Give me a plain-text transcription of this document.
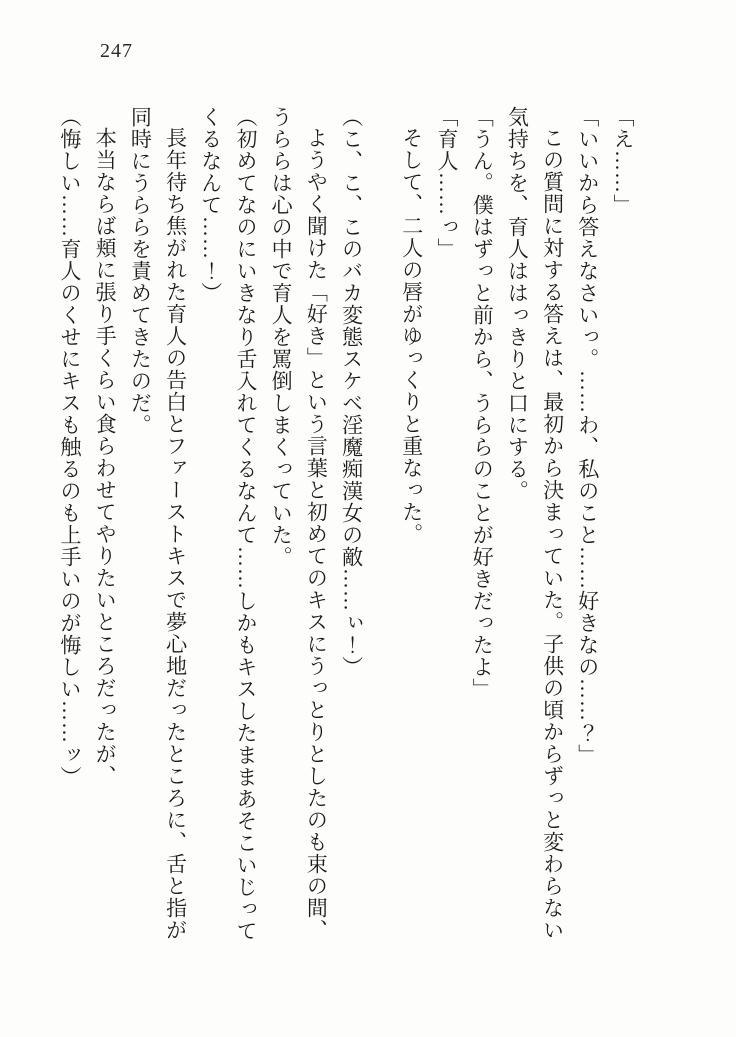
247

「え……」

「いいから答えなさいっ。……わ、私のこと……好きなの……？」

この質問に対する答えは、最初から決まっていた。子供の頃からずっと変わらない気持ちを、育人ははっきりと口にする。

「うん。僕はずっと前から、うららのことが好きだったよ」

「育人……っ」

そして、二人の唇がゆっくりと重なった。

（こ、こ、このバカ変態スケベ淫魔痴漢女の敵……ぃ！）

ようやく聞けた「好き」という言葉と初めてのキスにうっとりとしたのも束の間、うららは心の中で育人を罵倒しまくっていた。

（初めてなのにいきなり舌入れてくるなんて……しかもキスしたままあそこいじってくるなんて……！）

長年待ち焦がれた育人の告白とファーストキスで夢心地だったところに、舌と指が同時にうららを責めてきたのだ。

本当ならば頬に張り手くらい食らわせてやりたいところだったが、

（悔しい……育人のくせにキスも触るのも上手いのが悔しい……ッ）
